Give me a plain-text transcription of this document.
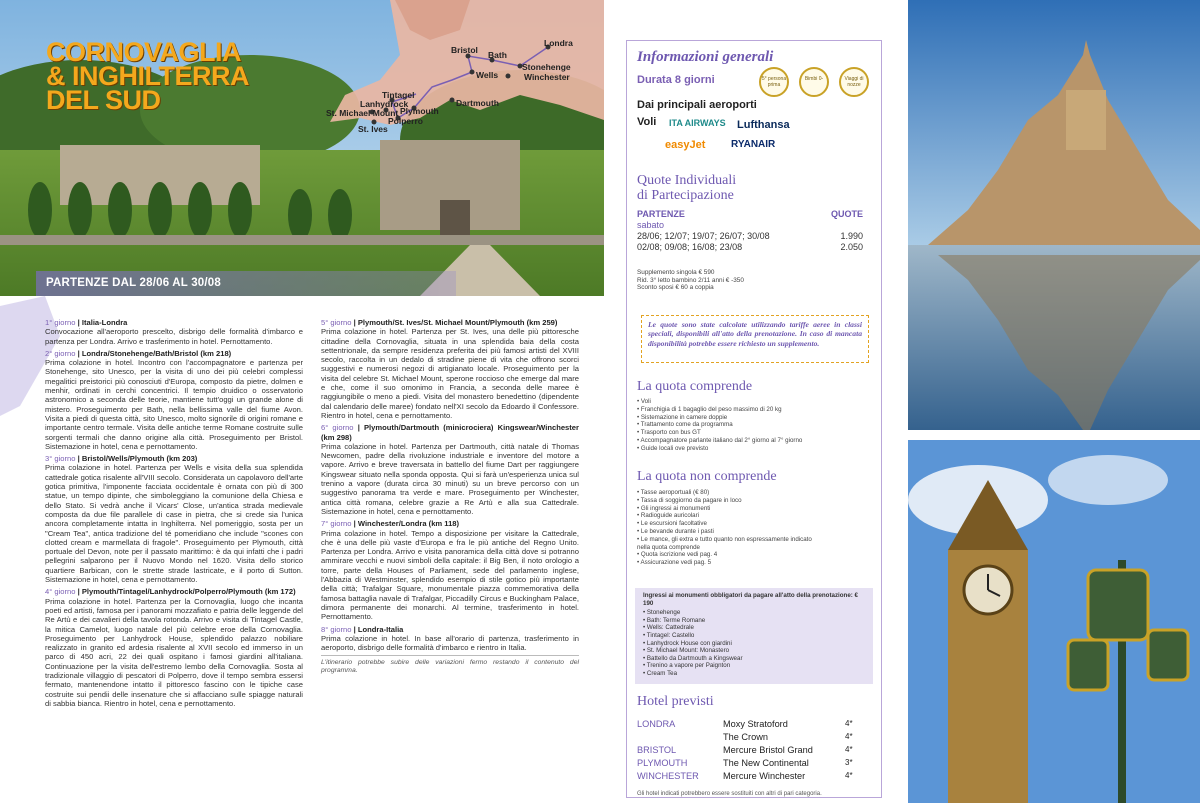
CORNOVAGLIA
& INGHILTERRA
DEL SUD
Londra
Bristol Bath
Stonehenge
Winchester
Wells
Tintagel
Lanhydrock
St. Michael Mount Plymouth
Dartmouth
Polperro
St. Ives
PARTENZE DAL 28/06 AL 30/08

1° giorno | Italia-Londra
Convocazione all'aeroporto prescelto, disbrigo delle formalità d'imbarco e partenza per Londra. Arrivo e trasferimento in hotel. Pernottamento.

2° giorno | Londra/Stonehenge/Bath/Bristol (km 218)
Prima colazione in hotel. Incontro con l'accompagnatore e partenza per Stonehenge, sito Unesco, per la visita di uno dei più celebri complessi megalitici preistorici più conosciuti d'Europa, composto da pietre, dolmen e menhir, ordinati in cerchi concentrici. Il tempio druidico o osservatorio astronomico a seconda delle teorie, mantiene tutt'oggi un grande alone di mistero. Proseguimento per Bath, nella bellissima valle del fiume Avon. Visita a piedi di questa città, sito Unesco, molto signorile di origini romane e importante centro termale. Visita delle antiche terme Romane costruite sulle sorgenti termali che danno origine alla città. Proseguimento per Bristol. Sistemazione in hotel, cena e pernottamento.

3° giorno | Bristol/Wells/Plymouth (km 203)
Prima colazione in hotel. Partenza per Wells e visita della sua splendida cattedrale gotica risalente all'VIII secolo. Considerata un capolavoro dell'arte gotica primitiva, l'imponente facciata occidentale è ornata con più di 300 statue, un tempo dipinte, che simboleggiano la comunione della Chiesa e dello Stato. Si vedrà anche il Vicars' Close, un'antica strada medievale composta da due file parallele di case in pietra, che si crede sia l'unica ancora completamente intatta in Inghilterra. Nel pomeriggio, sosta per un "Cream Tea", antica tradizione del té pomeridiano che include "scones con clotted cream e marmellata di fragole". Proseguimento per Plymouth, città portuale del Devon, note per il passato marittimo: è da qui infatti che i padri pellegrini salparono per il Nuovo Mondo nel 1620. Visita dello storico quartiere Barbican, con le strette strade lastricate, e il porto di Sutton. Sistemazione in hotel, cena e pernottamento.

4° giorno | Plymouth/Tintagel/Lanhydrock/Polperro/Plymouth (km 172)
Prima colazione in hotel. Partenza per la Cornovaglia, luogo che incanta poeti ed artisti, famosa per i panorami mozzafiato e patria delle leggende del Re Artù e dei cavalieri della tavola rotonda. Arrivo e visita di Tintagel Castle, la mitica Camelot, luogo natale del più celebre eroe della Cornovaglia. Proseguimento per Lanhydrock House, splendido palazzo nobiliare realizzato in granito ed ardesia risalente al XVII secolo ed immerso in un parco di 450 acri, 22 dei quali ospitano i famosi giardini all'italiana. Continuazione per la visita dell'estremo lembo della Cornovaglia. Sosta al tradizionale villaggio di pescatori di Polperro, dove il tempo sembra essersi fermato, mantenendone intatto il pittoresco fascino con le tipiche case costruite sui pendii delle insenature che si affacciano sulle spiagge naturali di sabbia bianca. Rientro in hotel, cena e pernottamento.

5° giorno | Plymouth/St. Ives/St. Michael Mount/Plymouth (km 259)
Prima colazione in hotel. Partenza per St. Ives, una delle più pittoresche cittadine della Cornovaglia, situata in una splendida baia della costa settentrionale, da sempre residenza preferita dei più famosi artisti del XVIII secolo, raccolta in un dedalo di stradine piene di vita che offrono scorci suggestivi e numerosi negozi di artigianato locale. Proseguimento per la visita del celebre St. Michael Mount, sperone roccioso che emerge dal mare e che, come il suo omonimo in Francia, a seconda delle maree è raggiungibile o meno a piedi. Visita del monastero benedettino (dipendente dal calendario delle maree) fondato nell'XI secolo da Edoardo il Confessore. Rientro in hotel, cena e pernottamento.

6° giorno | Plymouth/Dartmouth (minicrociera) Kingswear/Winchester (km 298)
Prima colazione in hotel. Partenza per Dartmouth, città natale di Thomas Newcomen, padre della rivoluzione industriale e inventore del motore a vapore. Arrivo e breve traversata in battello del fiume Dart per raggiungere Kingswear situato nella sponda opposta. Qui si farà un'esperienza unica sul trenino a vapore (durata circa 30 minuti) su un breve percorso con un suggestivo panorama tra verde e mare. Proseguimento per Winchester, antica città romana, celebre grazie a Re Artù e alla sua Cattedrale. Sistemazione in hotel, cena e pernottamento.

7° giorno | Winchester/Londra (km 118)
Prima colazione in hotel. Tempo a disposizione per visitare la Cattedrale, che è una delle più vaste d'Europa e fra le più antiche del Regno Unito. Partenza per Londra. Arrivo e visita panoramica della città dove si potranno ammirare vecchi e nuovi simboli della capitale: il Big Ben, il noto orologio a torre, parte della Houses of Parliament, sede del parlamento inglese, l'Abbazia di Westminster, splendido esempio di stile gotico più importante della città; Trafalgar Square, monumentale piazza commemorativa della famosa battaglia navale di Trafalgar, Piccadilly Circus e Buckingham Palace, dimora permanente dei monarchi. Al termine, trasferimento in hotel. Pernottamento.

8° giorno | Londra-Italia
Prima colazione in hotel. In base all'orario di partenza, trasferimento in aeroporto, disbrigo delle formalità d'imbarco e rientro in Italia.

L'itinerario potrebbe subire delle variazioni fermo restando il contenuto del programma.

Informazioni generali
Durata 8 giorni	5° persona prima
Bimbi 0-	Viaggi di nozze
Dai principali aeroporti
Voli ITA AIRWAYS Lufthansa
easyJet	RYANAIR
Quote Individuali
di Partecipazione
PARTENZE	QUOTE
sabato
28/06; 12/07; 19/07; 26/07; 30/08	1.990
02/08; 09/08; 16/08; 23/08	2.050
Supplemento singola € 590
Rid. 3° letto bambino 2/11 anni € -350
Sconto sposi € 60 a coppia
Le quote sono state calcolate utilizzando tariffe aeree in classi speciali, disponibili all'atto della prenotazione. In caso di mancata disponibilità potrebbe essere richiesto un supplemento.
La quota comprende
• Voli
• Franchigia di 1 bagaglio del peso massimo di 20 kg
• Sistemazione in camere doppie
• Trattamento come da programma
• Trasporto con bus GT
• Accompagnatore parlante italiano dal 2° giorno al 7° giorno
• Guide locali ove previsto
La quota non comprende
• Tasse aeroportuali (€ 80)
• Tassa di soggiorno da pagare in loco
• Gli ingressi ai monumenti
• Radioguide auricolari
• Le escursioni facoltative
• Le bevande durante i pasti
• Le mance, gli extra e tutto quanto non espressamente indicato nella quota comprende
• Quota iscrizione vedi pag. 4
• Assicurazione vedi pag. 5
Ingressi ai monumenti obbligatori da pagare all'atto della prenotazione: € 190
• Stonehenge
• Bath: Terme Romane
• Wells: Cattedrale
• Tintagel: Castello
• Lanhydrock House con giardini
• St. Michael Mount: Monastero
• Battello da Dartmouth a Kingswear
• Trenino a vapore per Paignton
• Cream Tea
Hotel previsti
LONDRA	Moxy Stratoford	4*
The Crown	4*
BRISTOL	Mercure Bristol Grand	4*
PLYMOUTH	The New Continental	3*
WINCHESTER	Mercure Winchester	4*
Gli hotel indicati potrebbero essere sostituiti con altri di pari categoria.
